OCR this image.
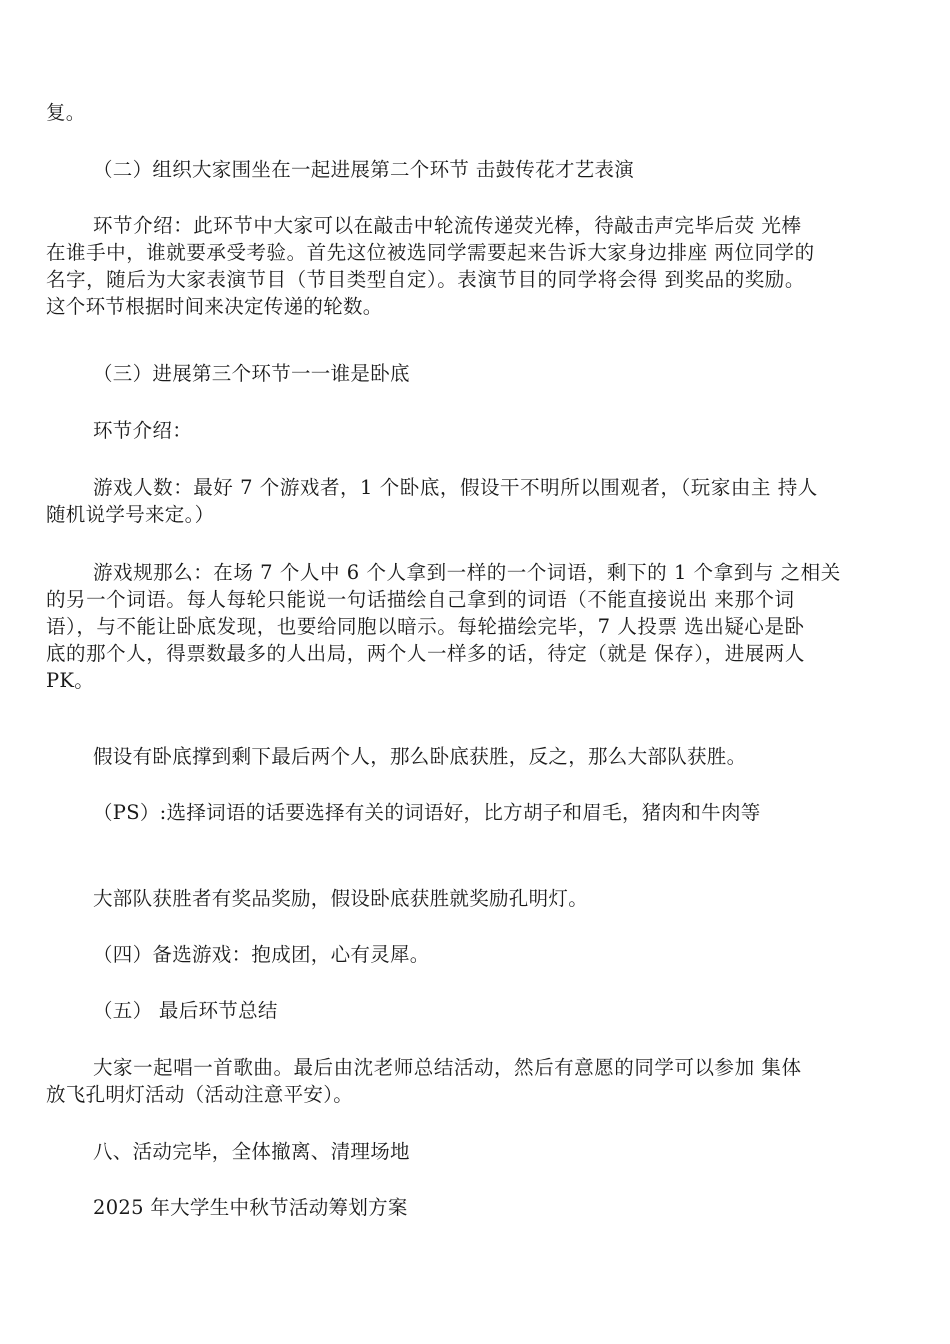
复。
（二）组织大家围坐在一起进展第二个环节 击鼓传花才艺表演
环节介绍：此环节中大家可以在敲击中轮流传递荧光棒，待敲击声完毕后荧 光棒
在谁手中，谁就要承受考验。首先这位被选同学需要起来告诉大家身边排座 两位同学的
名字，随后为大家表演节目（节目类型自定）。表演节目的同学将会得 到奖品的奖励。
这个环节根据时间来决定传递的轮数。
（三）进展第三个环节一一谁是卧底
环节介绍：
游戏人数：最好 7 个游戏者，1 个卧底，假设干不明所以围观者，（玩家由主 持人
随机说学号来定。）
游戏规那么：在场 7 个人中 6 个人拿到一样的一个词语，剩下的 1 个拿到与 之相关
的另一个词语。每人每轮只能说一句话描绘自己拿到的词语（不能直接说出 来那个词
语），与不能让卧底发现，也要给同胞以暗示。每轮描绘完毕，7 人投票 选出疑心是卧
底的那个人，得票数最多的人出局，两个人一样多的话，待定（就是 保存），进展两人
PK。
假设有卧底撑到剩下最后两个人，那么卧底获胜，反之，那么大部队获胜。
（PS）:选择词语的话要选择有关的词语好，比方胡子和眉毛，猪肉和牛肉等
大部队获胜者有奖品奖励，假设卧底获胜就奖励孔明灯。
（四）备选游戏：抱成团，心有灵犀。
（五） 最后环节总结
大家一起唱一首歌曲。最后由沈老师总结活动，然后有意愿的同学可以参加 集体
放飞孔明灯活动（活动注意平安）。
八、活动完毕，全体撤离、清理场地
2025 年大学生中秋节活动筹划方案
